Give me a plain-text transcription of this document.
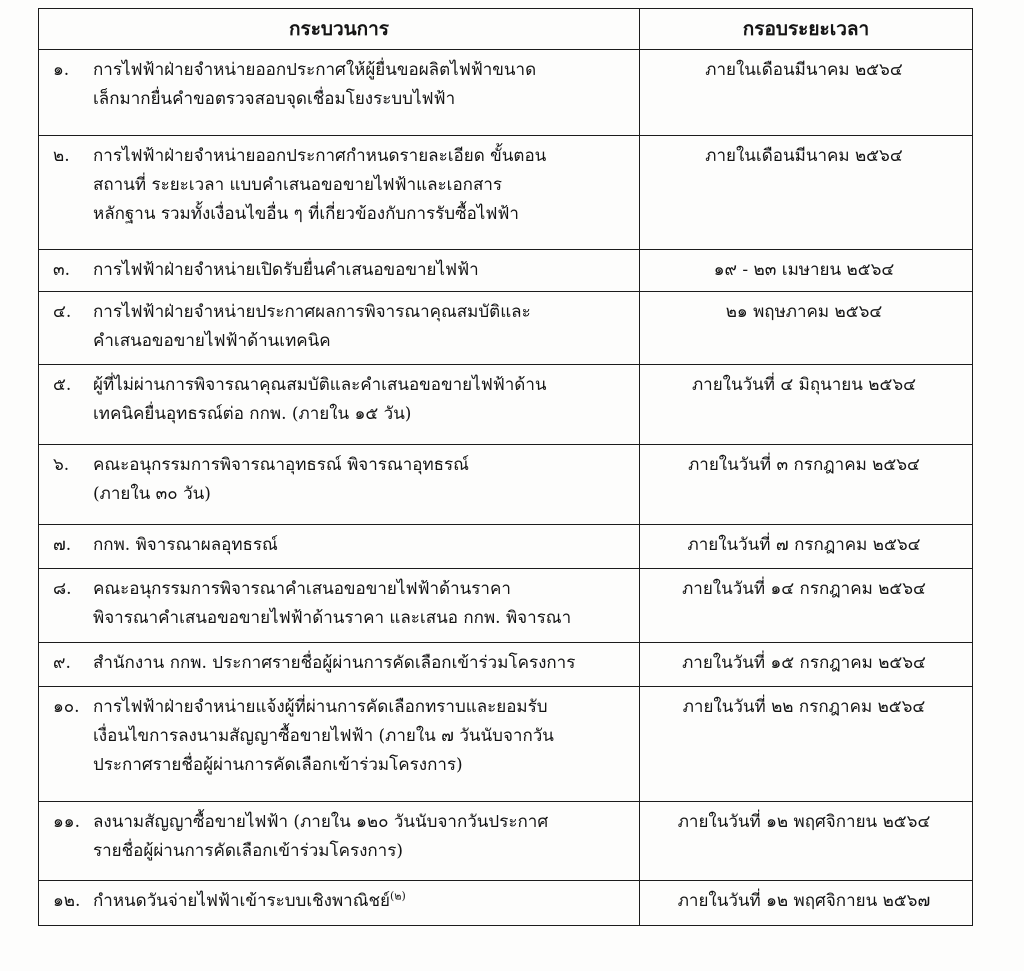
กระบวนการ	กรอบระยะเวลา

๑. การไฟฟ้าฝ่ายจำหน่ายออกประกาศให้ผู้ยื่นขอผลิตไฟฟ้าขนาด
เล็กมากยื่นคำขอตรวจสอบจุดเชื่อมโยงระบบไฟฟ้า	ภายในเดือนมีนาคม ๒๕๖๔

๒. การไฟฟ้าฝ่ายจำหน่ายออกประกาศกำหนดรายละเอียด ขั้นตอน
สถานที่ ระยะเวลา แบบคำเสนอขอขายไฟฟ้าและเอกสาร
หลักฐาน รวมทั้งเงื่อนไขอื่น ๆ ที่เกี่ยวข้องกับการรับซื้อไฟฟ้า	ภายในเดือนมีนาคม ๒๕๖๔

๓. การไฟฟ้าฝ่ายจำหน่ายเปิดรับยื่นคำเสนอขอขายไฟฟ้า	๑๙ - ๒๓ เมษายน ๒๕๖๔

๔. การไฟฟ้าฝ่ายจำหน่ายประกาศผลการพิจารณาคุณสมบัติและ
คำเสนอขอขายไฟฟ้าด้านเทคนิค	๒๑ พฤษภาคม ๒๕๖๔

๕. ผู้ที่ไม่ผ่านการพิจารณาคุณสมบัติและคำเสนอขอขายไฟฟ้าด้าน
เทคนิคยื่นอุทธรณ์ต่อ กกพ. (ภายใน ๑๕ วัน)	ภายในวันที่ ๔ มิถุนายน ๒๕๖๔

๖. คณะอนุกรรมการพิจารณาอุทธรณ์ พิจารณาอุทธรณ์
(ภายใน ๓๐ วัน)	ภายในวันที่ ๓ กรกฎาคม ๒๕๖๔

๗. กกพ. พิจารณาผลอุทธรณ์	ภายในวันที่ ๗ กรกฎาคม ๒๕๖๔

๘. คณะอนุกรรมการพิจารณาคำเสนอขอขายไฟฟ้าด้านราคา
พิจารณาคำเสนอขอขายไฟฟ้าด้านราคา และเสนอ กกพ. พิจารณา	ภายในวันที่ ๑๔ กรกฎาคม ๒๕๖๔

๙. สำนักงาน กกพ. ประกาศรายชื่อผู้ผ่านการคัดเลือกเข้าร่วมโครงการ	ภายในวันที่ ๑๕ กรกฎาคม ๒๕๖๔

๑๐. การไฟฟ้าฝ่ายจำหน่ายแจ้งผู้ที่ผ่านการคัดเลือกทราบและยอมรับ
เงื่อนไขการลงนามสัญญาซื้อขายไฟฟ้า (ภายใน ๗ วันนับจากวัน
ประกาศรายชื่อผู้ผ่านการคัดเลือกเข้าร่วมโครงการ)	ภายในวันที่ ๒๒ กรกฎาคม ๒๕๖๔

๑๑. ลงนามสัญญาซื้อขายไฟฟ้า (ภายใน ๑๒๐ วันนับจากวันประกาศ
รายชื่อผู้ผ่านการคัดเลือกเข้าร่วมโครงการ)	ภายในวันที่ ๑๒ พฤศจิกายน ๒๕๖๔

๑๒. กำหนดวันจ่ายไฟฟ้าเข้าระบบเชิงพาณิชย์$^{(๒)}$	ภายในวันที่ ๑๒ พฤศจิกายน ๒๕๖๗
